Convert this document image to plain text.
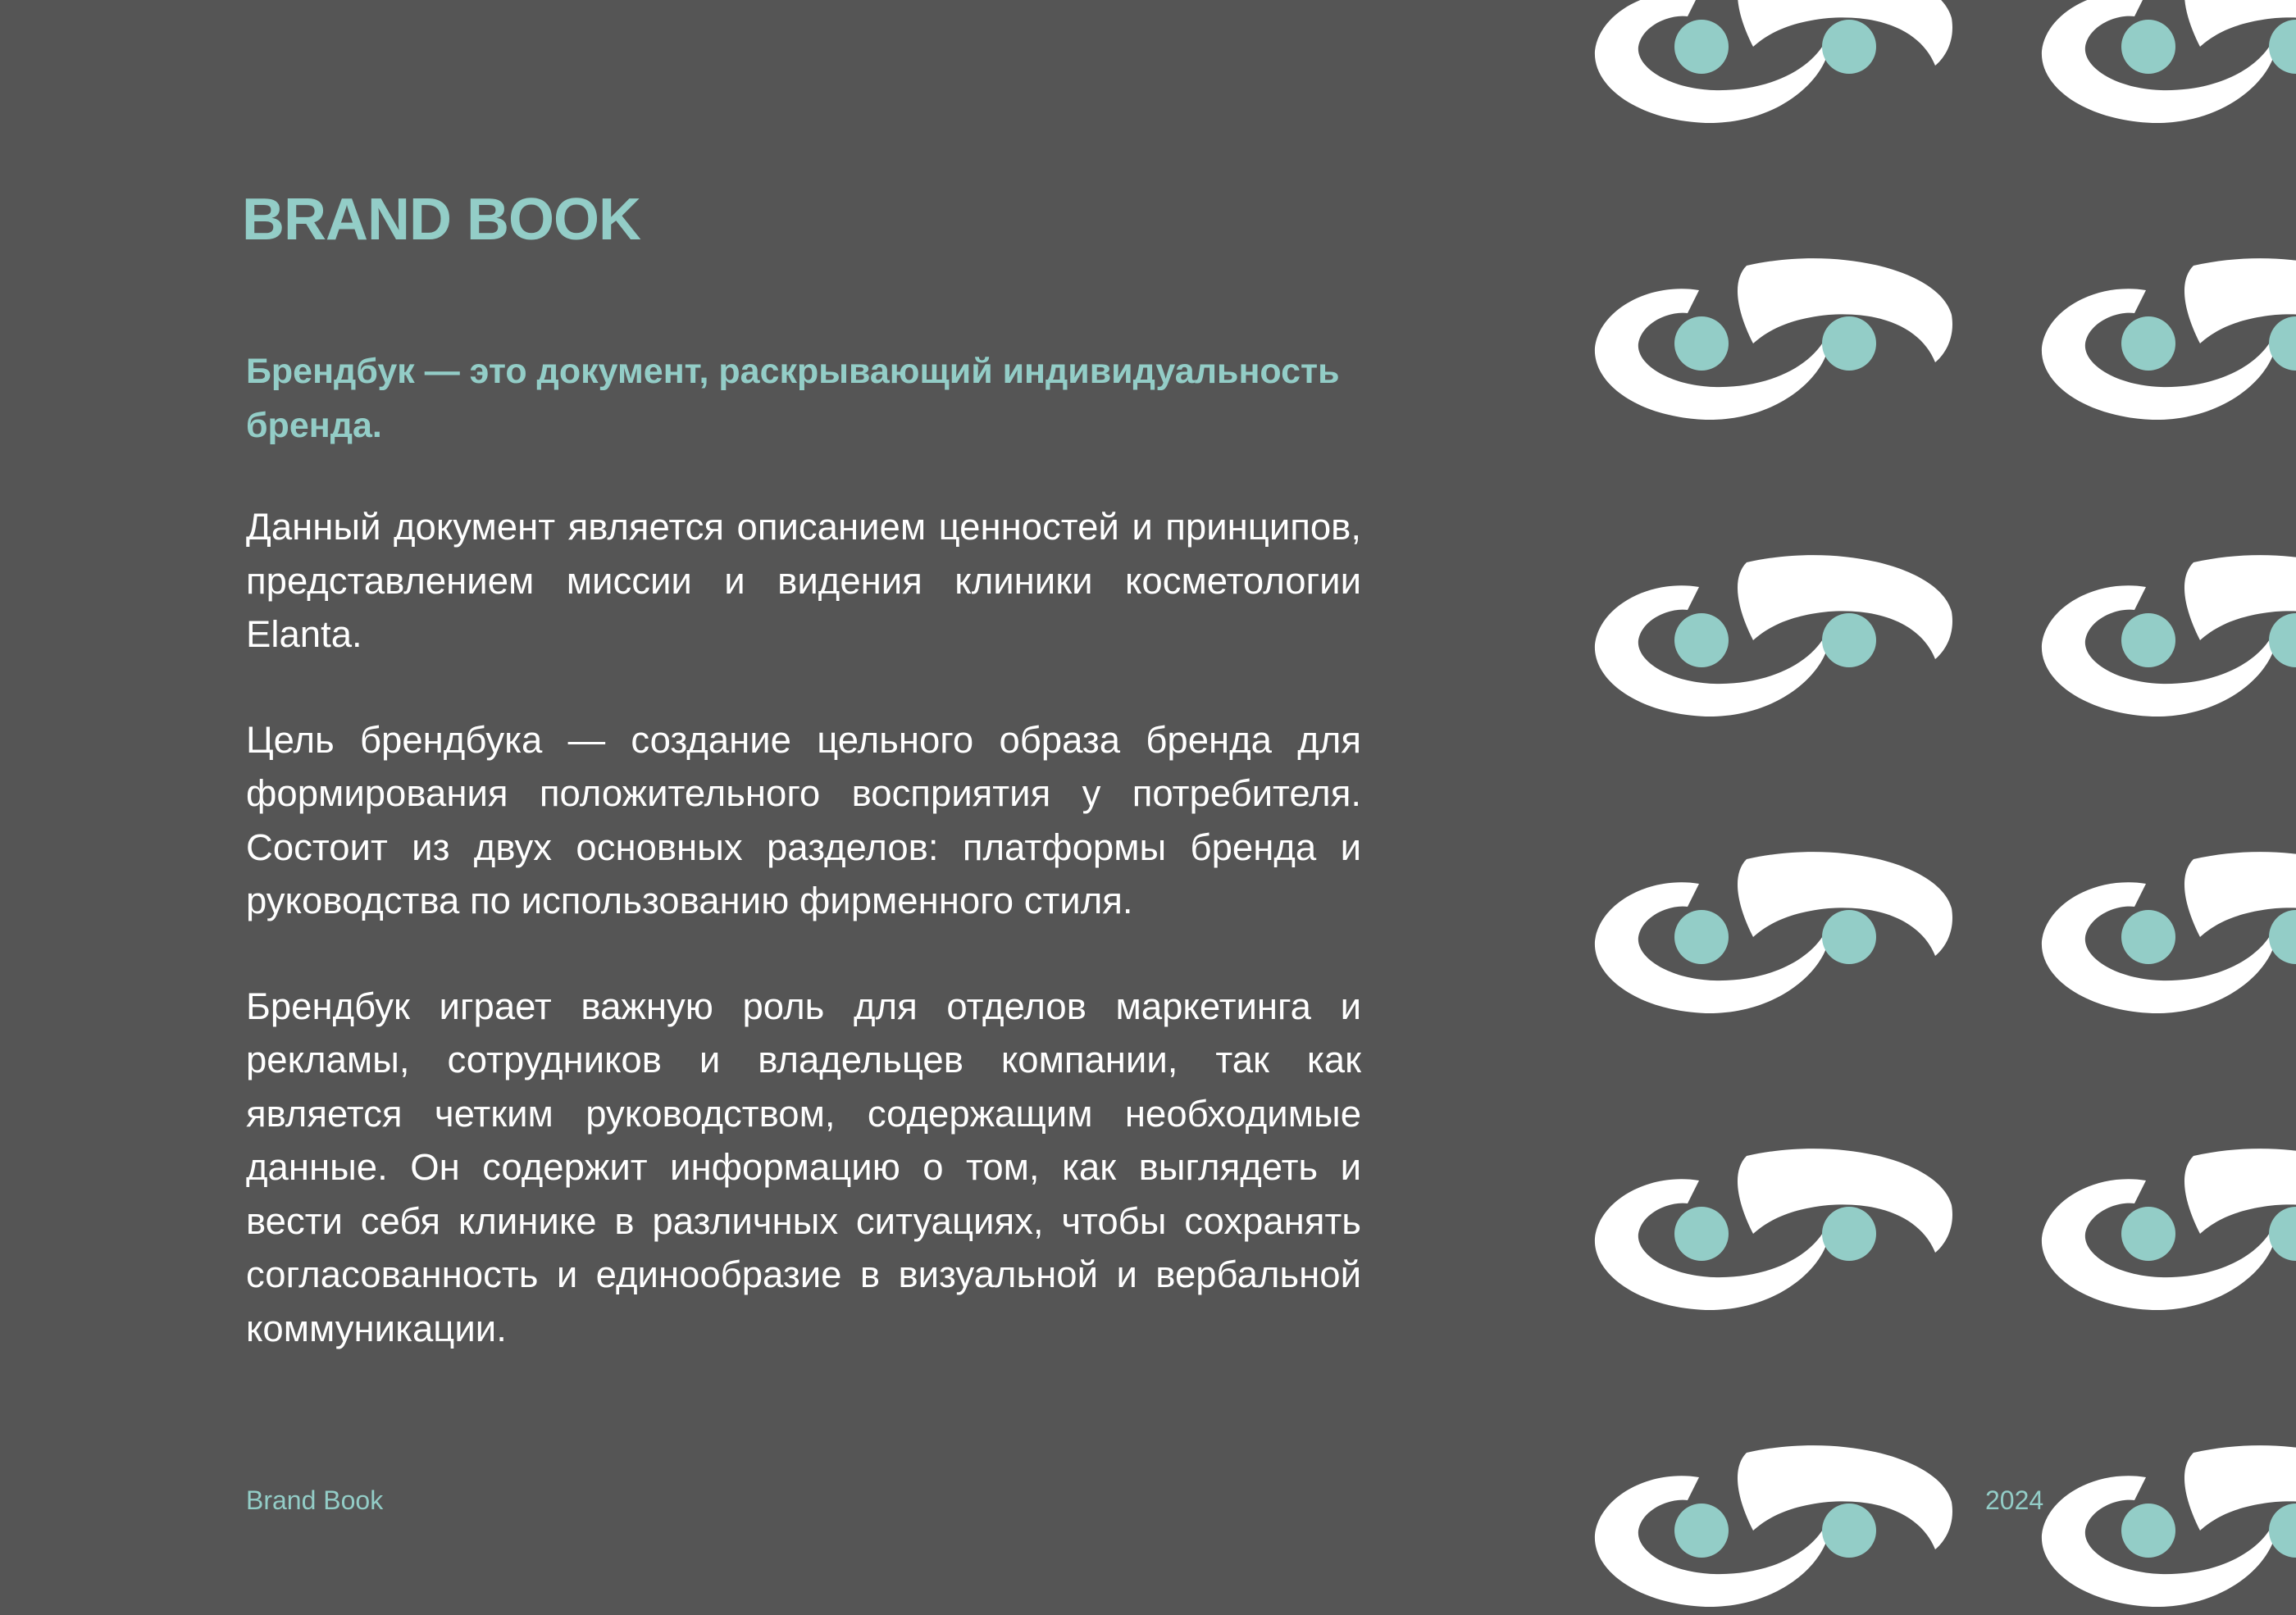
BRAND BOOK

Брендбук — это документ, раскрывающий индивидуальность бренда.

Данный документ является описанием ценностей и принципов, представлением миссии и видения клиники косметологии Elanta.

Цель брендбука — создание цельного образа бренда для формирования положительного восприятия у потребителя. Состоит из двух основных разделов: платформы бренда и руководства по использованию фирменного стиля.

Брендбук играет важную роль для отделов маркетинга и рекламы, сотрудников и владельцев компании, так как является четким руководством, содержащим необходимые данные. Он содержит информацию о том, как выглядеть и вести себя клинике в различных ситуациях, чтобы сохранять согласованность и единообразие в визуальной и вербальной коммуникации.

Brand Book	2024
